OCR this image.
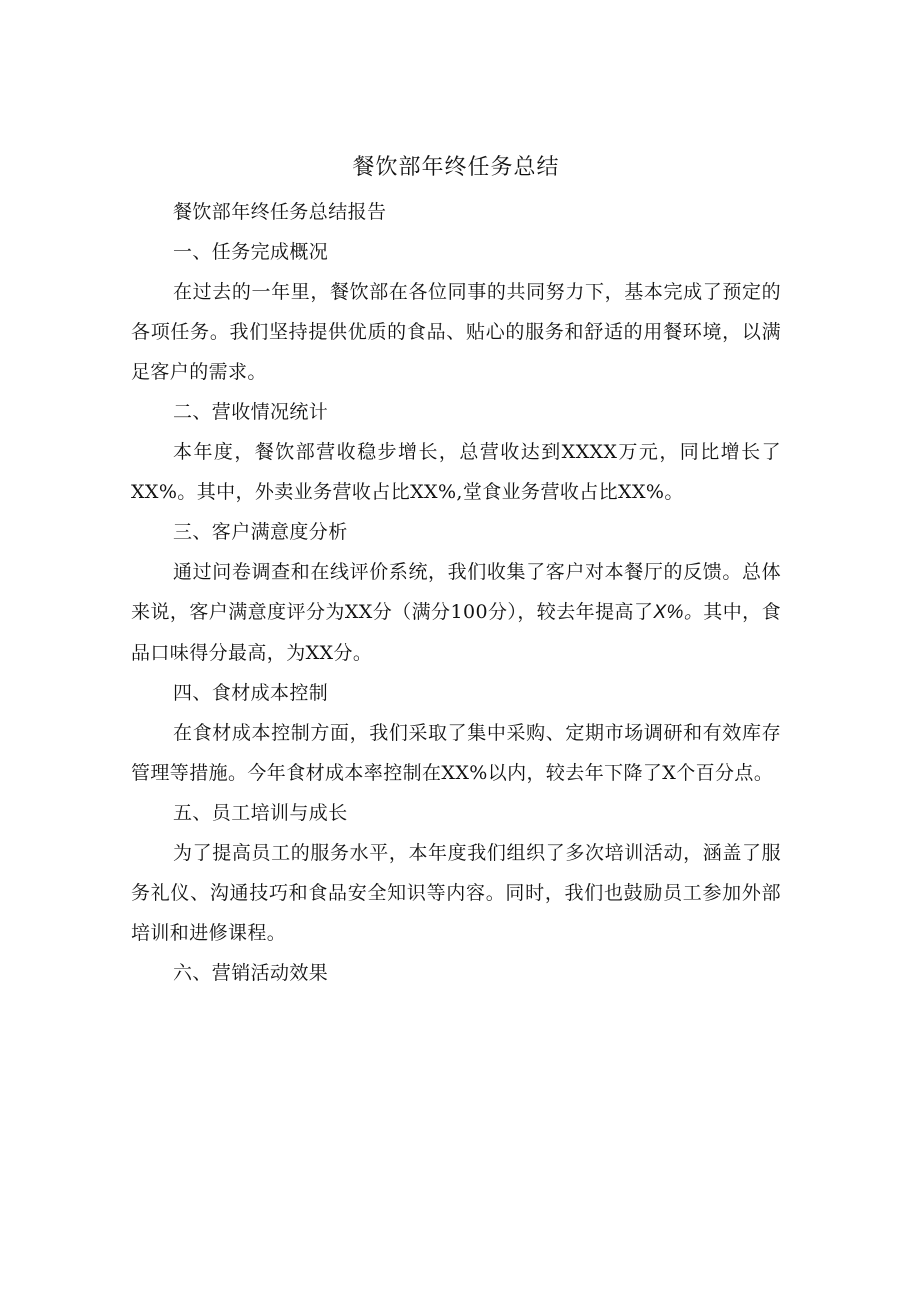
餐饮部年终任务总结
餐饮部年终任务总结报告
一、任务完成概况

在过去的一年里，餐饮部在各位同事的共同努力下，基本完成了预定的各项任务。我们坚持提供优质的食品、贴心的服务和舒适的用餐环境，以满足客户的需求。

二、营收情况统计

本年度，餐饮部营收稳步增长，总营收达到XXXX万元，同比增长了XX%。其中，外卖业务营收占比XX%,堂食业务营收占比XX%。

三、客户满意度分析

通过问卷调查和在线评价系统，我们收集了客户对本餐厅的反馈。总体来说，客户满意度评分为XX分（满分100分），较去年提高了X%。其中，食品口味得分最高，为XX分。

四、食材成本控制

在食材成本控制方面，我们采取了集中采购、定期市场调研和有效库存管理等措施。今年食材成本率控制在XX%以内，较去年下降了X个百分点。

五、员工培训与成长

为了提高员工的服务水平，本年度我们组织了多次培训活动，涵盖了服务礼仪、沟通技巧和食品安全知识等内容。同时，我们也鼓励员工参加外部培训和进修课程。

六、营销活动效果
